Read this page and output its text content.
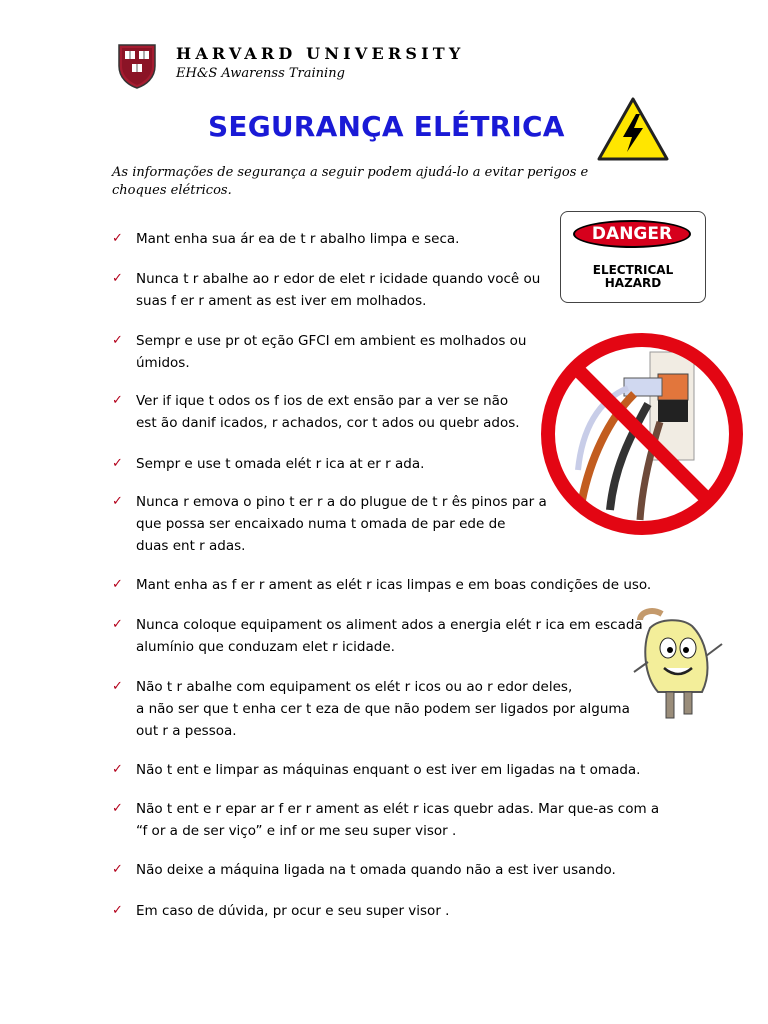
HARVARD UNIVERSITY
EH&S Awarenss Training
SEGURANÇA ELÉTRICA
As informações de segurança a seguir podem ajudá-lo a evitar perigos e choques elétricos.
DANGER
ELECTRICAL
HAZARD
✓ Mant enha sua ár ea de t r abalho limpa e seca.
✓ Nunca t r abalhe ao r edor de elet r icidade quando você ou
suas f er r ament as est iver em molhados.
✓ Sempr e use pr ot eção GFCI em ambient es molhados ou
úmidos.
✓ Ver if ique t odos os f ios de ext ensão par a ver se não
est ão danif icados, r achados, cor t ados ou quebr ados.
✓ Sempr e use t omada elét r ica at er r ada.
✓ Nunca r emova o pino t er r a do plugue de t r ês pinos par a
que possa ser encaixado numa t omada de par ede de
duas ent r adas.
✓ Mant enha as f er r ament as elét r icas limpas e em boas condições de uso.
✓ Nunca coloque equipament os aliment ados a energia elét r ica em escada
alumínio que conduzam elet r icidade.
✓ Não t r abalhe com equipament os elét r icos ou ao r edor deles,
a não ser que t enha cer t eza de que não podem ser ligados por alguma
out r a pessoa.
✓ Não t ent e limpar as máquinas enquant o est iver em ligadas na t omada.
✓ Não t ent e r epar ar f er r ament as elét r icas quebr adas. Mar que-as com a
“f or a de ser viço” e inf or me seu super visor .
✓ Não deixe a máquina ligada na t omada quando não a est iver usando.
✓ Em caso de dúvida, pr ocur e seu super visor .
